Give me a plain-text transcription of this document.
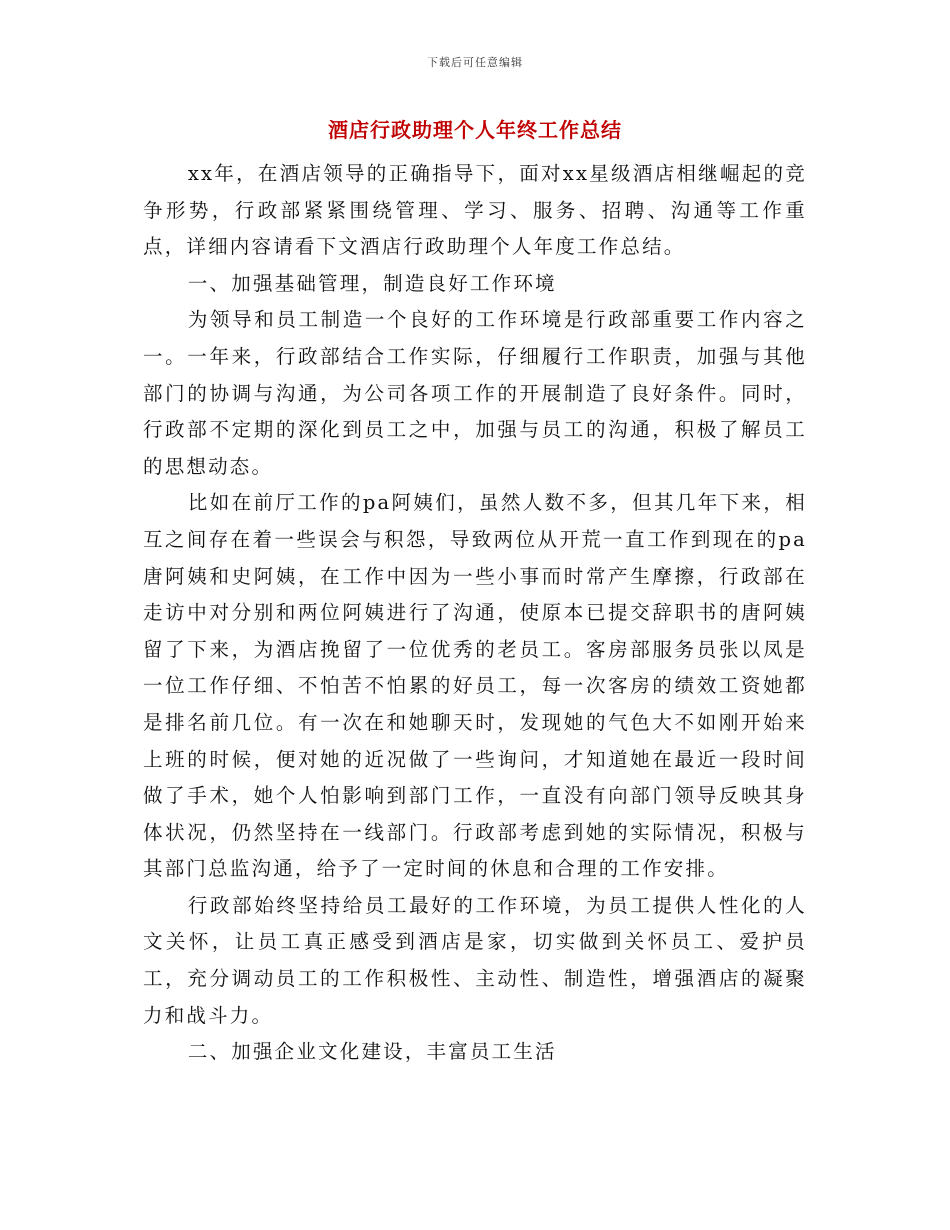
下载后可任意编辑
酒店行政助理个人年终工作总结

xx年，在酒店领导的正确指导下，面对xx星级酒店相继崛起的竞争形势，行政部紧紧围绕管理、学习、服务、招聘、沟通等工作重点，详细内容请看下文酒店行政助理个人年度工作总结。

一、加强基础管理，制造良好工作环境

为领导和员工制造一个良好的工作环境是行政部重要工作内容之一。一年来，行政部结合工作实际，仔细履行工作职责，加强与其他部门的协调与沟通，为公司各项工作的开展制造了良好条件。同时，行政部不定期的深化到员工之中，加强与员工的沟通，积极了解员工的思想动态。

比如在前厅工作的pa阿姨们，虽然人数不多，但其几年下来，相互之间存在着一些误会与积怨，导致两位从开荒一直工作到现在的pa唐阿姨和史阿姨，在工作中因为一些小事而时常产生摩擦，行政部在走访中对分别和两位阿姨进行了沟通，使原本已提交辞职书的唐阿姨留了下来，为酒店挽留了一位优秀的老员工。客房部服务员张以凤是一位工作仔细、不怕苦不怕累的好员工，每一次客房的绩效工资她都是排名前几位。有一次在和她聊天时，发现她的气色大不如刚开始来上班的时候，便对她的近况做了一些询问，才知道她在最近一段时间做了手术，她个人怕影响到部门工作，一直没有向部门领导反映其身体状况，仍然坚持在一线部门。行政部考虑到她的实际情况，积极与其部门总监沟通，给予了一定时间的休息和合理的工作安排。

行政部始终坚持给员工最好的工作环境，为员工提供人性化的人文关怀，让员工真正感受到酒店是家，切实做到关怀员工、爱护员工，充分调动员工的工作积极性、主动性、制造性，增强酒店的凝聚力和战斗力。

二、加强企业文化建设，丰富员工生活
